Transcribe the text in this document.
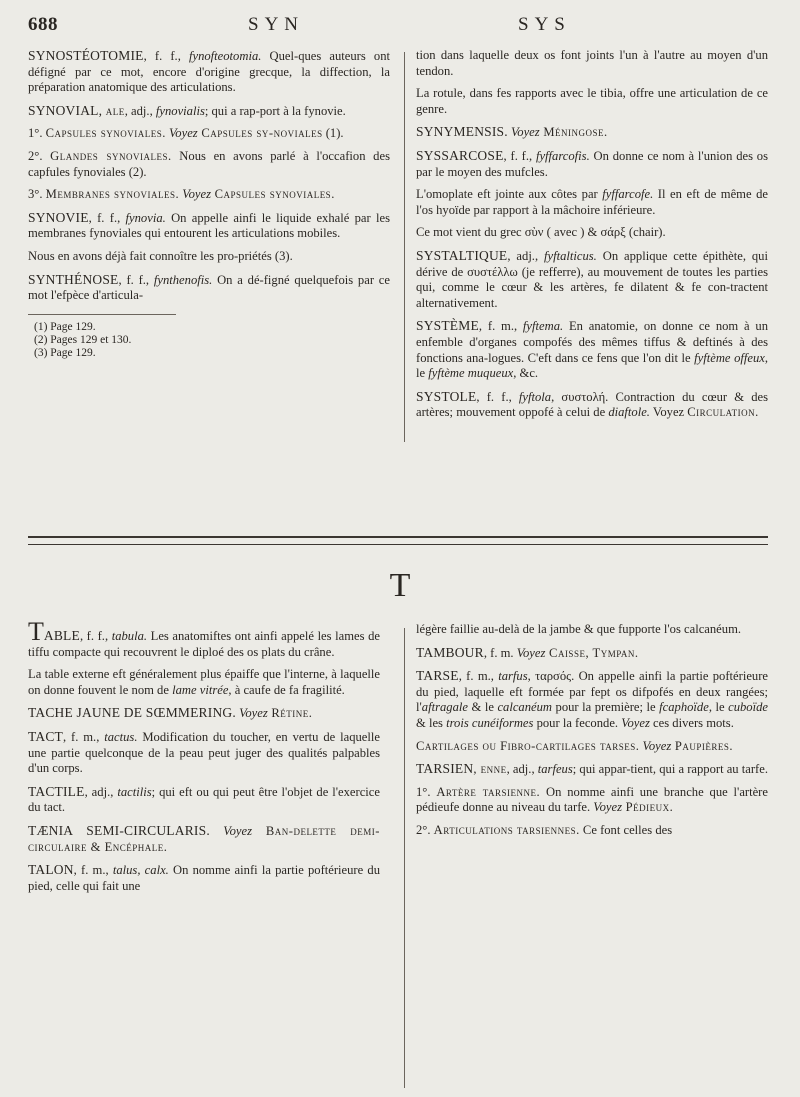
688	SYN	SYS

SYNOSTÉOTOMIE, f. f., fynofteotomia. Quel-ques auteurs ont défigné par ce mot, encore d'origine grecque, la diffection, la préparation anatomique des articulations.

SYNOVIAL, ale, adj., fynovialis; qui a rap-port à la fynovie.

1°. Capsules synoviales. Voyez Capsules sy-noviales (1).

2°. Glandes synoviales. Nous en avons parlé à l'occafion des capfules fynoviales (2).

3°. Membranes synoviales. Voyez Capsules synoviales.

SYNOVIE, f. f., fynovia. On appelle ainfi le liquide exhalé par les membranes fynoviales qui entourent les articulations mobiles.

Nous en avons déjà fait connoître les pro-priétés (3).

SYNTHÉNOSE, f. f., fynthenofis. On a dé-figné quelquefois par ce mot l'efpèce d'articula-

(1) Page 129.
(2) Pages 129 et 130.
(3) Page 129.

tion dans laquelle deux os font joints l'un à l'autre au moyen d'un tendon.

La rotule, dans fes rapports avec le tibia, offre une articulation de ce genre.

SYNYMENSIS. Voyez Méningose.

SYSSARCOSE, f. f., fyffarcofis. On donne ce nom à l'union des os par le moyen des mufcles.

L'omoplate eft jointe aux côtes par fyffarcofe. Il en eft de même de l'os hyoïde par rapport à la mâchoire inférieure.

Ce mot vient du grec σὺν ( avec ) & σάρξ (chair).

SYSTALTIQUE, adj., fyftalticus. On applique cette épithète, qui dérive de συστέλλω (je refferre), au mouvement de toutes les parties qui, comme le cœur & les artères, fe dilatent & fe con-tractent alternativement.

SYSTÈME, f. m., fyftema. En anatomie, on donne ce nom à un enfemble d'organes compofés des mêmes tiffus & deftinés à des fonctions ana-logues. C'eft dans ce fens que l'on dit le fyftème offeux, le fyftème muqueux, &c.

SYSTOLE, f. f., fyftola, συστολή. Contraction du cœur & des artères; mouvement oppofé à celui de diaftole. Voyez Circulation.

T

TABLE, f. f., tabula. Les anatomiftes ont ainfi appelé les lames de tiffu compacte qui recouvrent le diploé des os plats du crâne.

La table externe eft généralement plus épaiffe que l'interne, à laquelle on donne fouvent le nom de lame vitrée, à caufe de fa fragilité.

TACHE JAUNE DE SŒMMERING. Voyez Rétine.

TACT, f. m., tactus. Modification du toucher, en vertu de laquelle une partie quelconque de la peau peut juger des qualités palpables d'un corps.

TACTILE, adj., tactilis; qui eft ou qui peut être l'objet de l'exercice du tact.

TÆNIA SEMI-CIRCULARIS. Voyez Ban-delette demi-circulaire & Encéphale.

TALON, f. m., talus, calx. On nomme ainfi la partie poftérieure du pied, celle qui fait une

légère faillie au-delà de la jambe & que fupporte l'os calcanéum.

TAMBOUR, f. m. Voyez Caisse, Tympan.

TARSE, f. m., tarfus, ταρσός. On appelle ainfi la partie poftérieure du pied, laquelle eft formée par fept os difpofés en deux rangées; l'aftragale & le calcanéum pour la première; le fcaphoïde, le cuboïde & les trois cunéiformes pour la feconde. Voyez ces divers mots.

Cartilages ou Fibro-cartilages tarses. Voyez Paupières.

TARSIEN, enne, adj., tarfeus; qui appar-tient, qui a rapport au tarfe.

1°. Artère tarsienne. On nomme ainfi une branche que l'artère pédieufe donne au niveau du tarfe. Voyez Pédieux.

2°. Articulations tarsiennes. Ce font celles des
